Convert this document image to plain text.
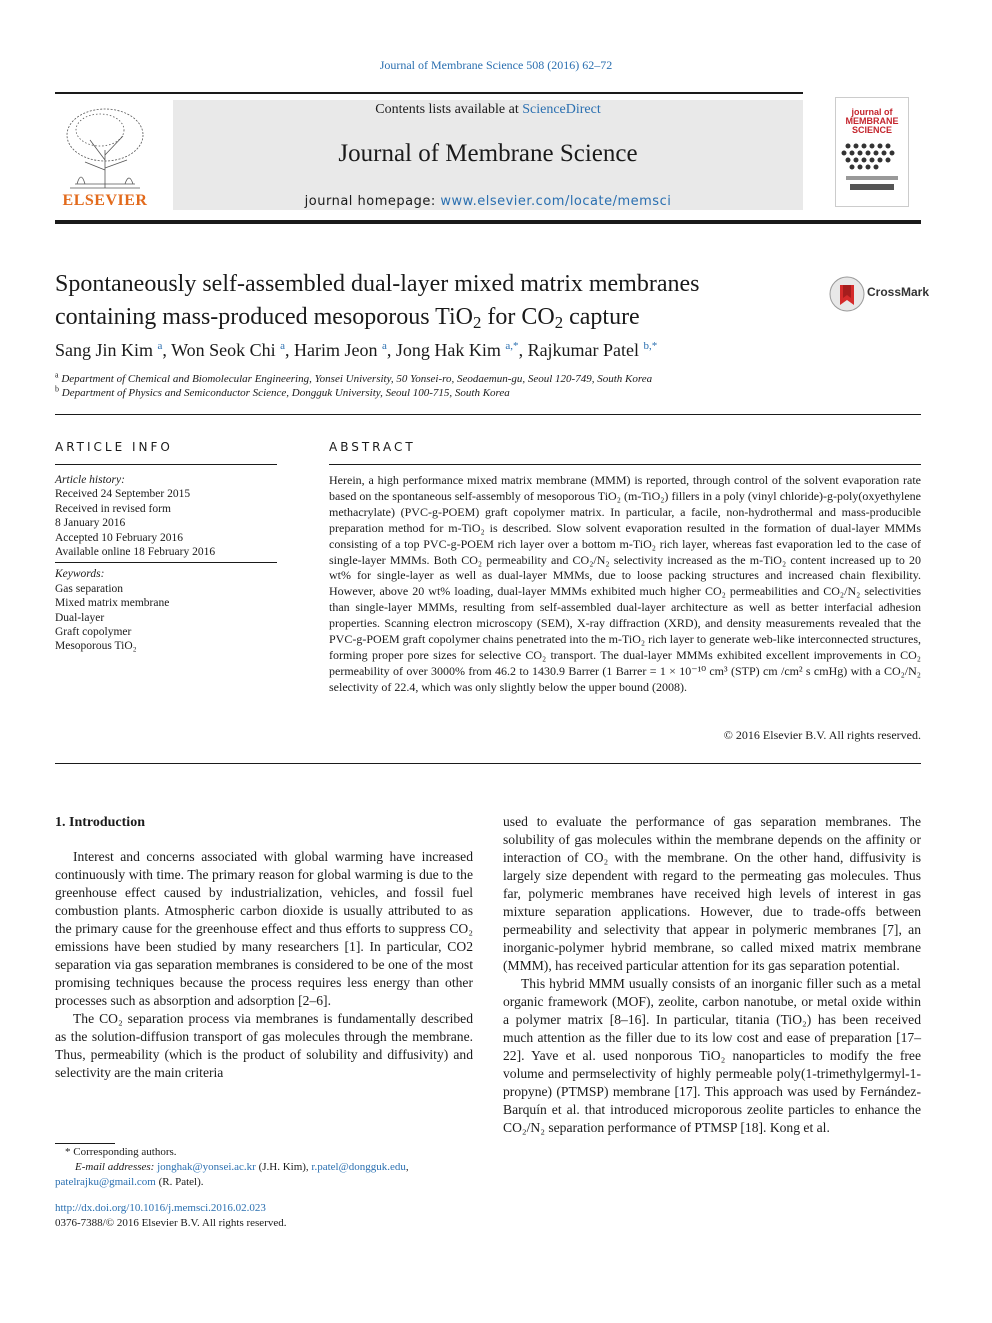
Journal of Membrane Science 508 (2016) 62–72
Contents lists available at ScienceDirect
Journal of Membrane Science
journal homepage: www.elsevier.com/locate/memsci
ELSEVIER
journal of
MEMBRANE
SCIENCE
Spontaneously self-assembled dual-layer mixed matrix membranes
containing mass-produced mesoporous TiO$_2$ for $CO_2$ capture
CrossMark
Sang Jin Kim $^a$, Won Seok Chi $^a$, Harim Jeon $^a$, Jong Hak Kim $^{a,*}$, Rajkumar Patel $^{b,*}$
$^a$ Department of Chemical and Biomolecular Engineering, Yonsei University, 50 Yonsei-ro, Seodaemun-gu, Seoul 120-749, South Korea
$^b$ Department of Physics and Semiconductor Science, Dongguk University, Seoul 100-715, South Korea
ARTICLE INFO	ABSTRACT
Article history:
Received 24 September 2015
Received in revised form
8 January 2016
Accepted 10 February 2016
Available online 18 February 2016
Keywords:
Gas separation
Mixed matrix membrane
Dual-layer
Graft copolymer
Mesoporous TiO₂
Herein, a high performance mixed matrix membrane (MMM) is reported, through control of the solvent evaporation rate based on the spontaneous self-assembly of mesoporous TiO₂ (m-TiO₂) fillers in a poly (vinyl chloride)-g-poly(oxyethylene methacrylate) (PVC-g-POEM) graft copolymer matrix. In particular, a facile, non-hydrothermal and mass-producible preparation method for m-TiO₂ is described. Slow solvent evaporation resulted in the formation of dual-layer MMMs consisting of a top PVC-g-POEM rich layer over a bottom m-TiO₂ rich layer, whereas fast evaporation led to the case of single-layer MMMs. Both CO₂ permeability and CO₂/N₂ selectivity increased as the m-TiO₂ content increased up to 20 wt% for single-layer as well as dual-layer MMMs, due to loose packing structures and increased chain flexibility. However, above 20 wt% loading, dual-layer MMMs exhibited much higher CO₂ permeabilities and CO₂/N₂ selectivities than single-layer MMMs, resulting from self-assembled dual-layer architecture as well as better interfacial adhesion properties. Scanning electron microscopy (SEM), X-ray diffraction (XRD), and density measurements revealed that the PVC-g-POEM graft copolymer chains penetrated into the m-TiO₂ rich layer to generate web-like interconnected structures, forming proper pore sizes for selective CO₂ transport. The dual-layer MMMs exhibited excellent improvements in CO₂ permeability of over 3000% from 46.2 to 1430.9 Barrer (1 Barrer = 1 × 10⁻¹⁰ cm³ (STP) cm /cm² s cmHg) with a CO₂/N₂ selectivity of 22.4, which was only slightly below the upper bound (2008).
© 2016 Elsevier B.V. All rights reserved.
1. Introduction

Interest and concerns associated with global warming have increased continuously with time. The primary reason for global warming is due to the greenhouse effect caused by industrialization, vehicles, and fossil fuel combustion plants. Atmospheric carbon dioxide is usually attributed to as the primary cause for the greenhouse effect and thus efforts to suppress CO₂ emissions have been studied by many researchers [1]. In particular, CO2 separation via gas separation membranes is considered to be one of the most promising techniques because the process requires less energy than other processes such as absorption and adsorption [2–6].

The CO₂ separation process via membranes is fundamentally described as the solution-diffusion transport of gas molecules through the membrane. Thus, permeability (which is the product of solubility and diffusivity) and selectivity are the main criteria

used to evaluate the performance of gas separation membranes. The solubility of gas molecules within the membrane depends on the affinity or interaction of CO₂ with the membrane. On the other hand, diffusivity is largely size dependent with regard to the permeating gas molecules. Thus far, polymeric membranes have received high levels of interest in gas mixture separation applications. However, due to trade-offs between permeability and selectivity that appear in polymeric membranes [7], an inorganic-polymer hybrid membrane, so called mixed matrix membrane (MMM), has received particular attention for its gas separation potential.

This hybrid MMM usually consists of an inorganic filler such as a metal organic framework (MOF), zeolite, carbon nanotube, or metal oxide within a polymer matrix [8–16]. In particular, titania (TiO₂) has been received much attention as the filler due to its low cost and ease of preparation [17–22]. Yave et al. used nonporous TiO₂ nanoparticles to modify the free volume and permselectivity of highly permeable poly(1-trimethylgermyl-1-propyne) (PTMSP) membrane [17]. This approach was used by Fernández-Barquín et al. that introduced microporous zeolite particles to enhance the CO₂/N₂ separation performance of PTMSP [18]. Kong et al.

* Corresponding authors.
E-mail addresses: jonghak@yonsei.ac.kr (J.H. Kim), r.patel@dongguk.edu,
patelrajku@gmail.com (R. Patel).
http://dx.doi.org/10.1016/j.memsci.2016.02.023
0376-7388/© 2016 Elsevier B.V. All rights reserved.
